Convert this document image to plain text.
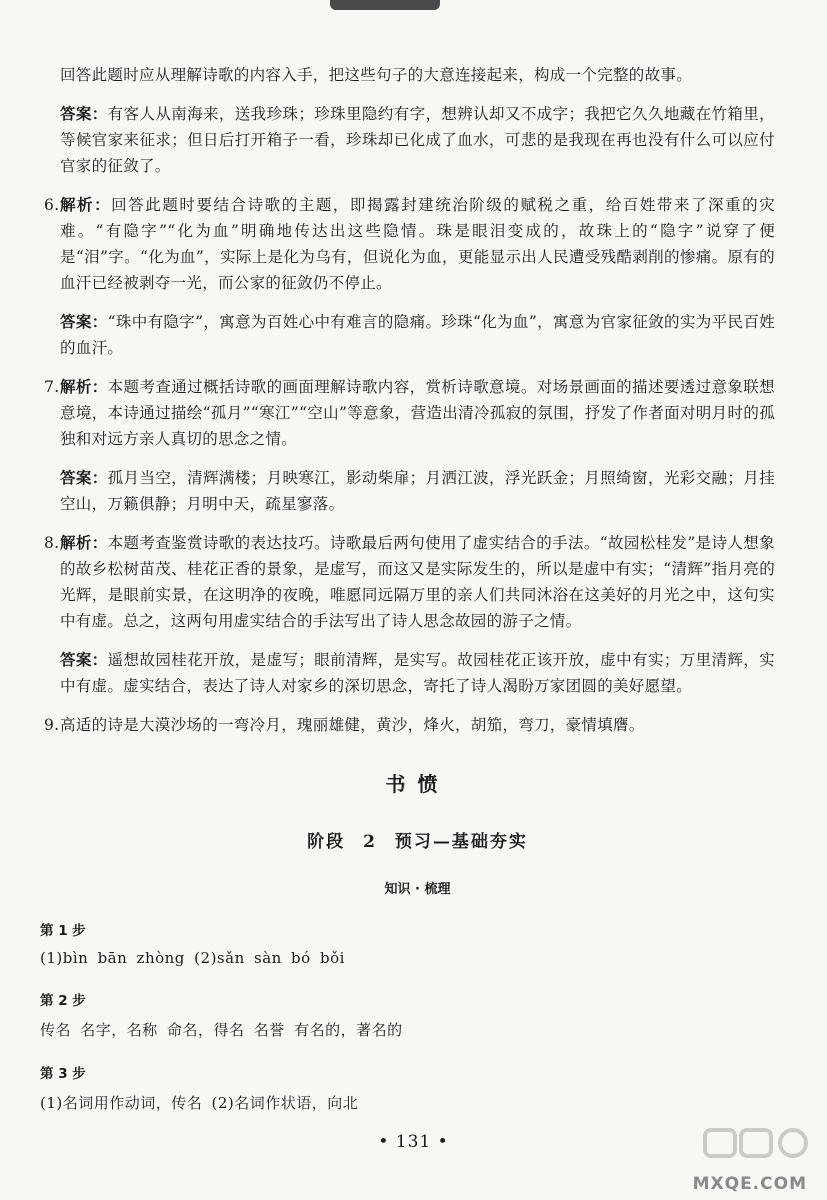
回答此题时应从理解诗歌的内容入手，把这些句子的大意连接起来，构成一个完整的故事。

答案：有客人从南海来，送我珍珠；珍珠里隐约有字，想辨认却又不成字；我把它久久地藏在竹箱里，等候官家来征求；但日后打开箱子一看，珍珠却已化成了血水，可悲的是我现在再也没有什么可以应付官家的征敛了。

6. 解析：回答此题时要结合诗歌的主题，即揭露封建统治阶级的赋税之重，给百姓带来了深重的灾难。“有隐字”“化为血”明确地传达出这些隐情。珠是眼泪变成的，故珠上的“隐字”说穿了便是“泪”字。“化为血”，实际上是化为乌有，但说化为血，更能显示出人民遭受残酷剥削的惨痛。原有的血汗已经被剥夺一光，而公家的征敛仍不停止。

答案：“珠中有隐字”，寓意为百姓心中有难言的隐痛。珍珠“化为血”，寓意为官家征敛的实为平民百姓的血汗。

7. 解析：本题考查通过概括诗歌的画面理解诗歌内容，赏析诗歌意境。对场景画面的描述要透过意象联想意境，本诗通过描绘“孤月”“寒江”“空山”等意象，营造出清冷孤寂的氛围，抒发了作者面对明月时的孤独和对远方亲人真切的思念之情。

答案：孤月当空，清辉满楼；月映寒江，影动柴扉；月洒江波，浮光跃金；月照绮窗，光彩交融；月挂空山，万籁俱静；月明中天，疏星寥落。

8. 解析：本题考查鉴赏诗歌的表达技巧。诗歌最后两句使用了虚实结合的手法。“故园松桂发”是诗人想象的故乡松树苗茂、桂花正香的景象，是虚写，而这又是实际发生的，所以是虚中有实；“清辉”指月亮的光辉，是眼前实景，在这明净的夜晚，唯愿同远隔万里的亲人们共同沐浴在这美好的月光之中，这句实中有虚。总之，这两句用虚实结合的手法写出了诗人思念故园的游子之情。

答案：遥想故园桂花开放，是虚写；眼前清辉，是实写。故园桂花正该开放，虚中有实；万里清辉，实中有虚。虚实结合，表达了诗人对家乡的深切思念，寄托了诗人渴盼万家团圆的美好愿望。

9. 高适的诗是大漠沙场的一弯冷月，瑰丽雄健，黄沙，烽火，胡笳，弯刀，豪情填膺。

书愤
阶段 2 预习—基础夯实
知识 · 梳理
第 1 步
(1)bìn bān zhòng (2)sǎn sàn bó bǒi
第 2 步
传名 名字，名称 命名，得名 名誉 有名的，著名的
第 3 步
(1)名词用作动词，传名 (2)名词作状语，向北
• 131 •
MXQE.COM
